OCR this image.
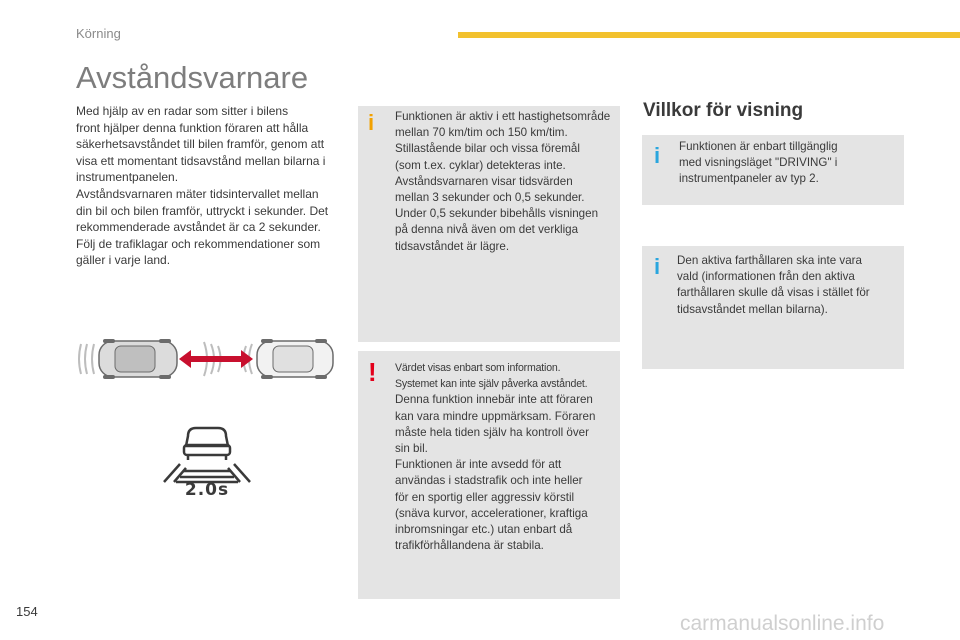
Körning
Avståndsvarnare

Med hjälp av en radar som sitter i bilens
front hjälper denna funktion föraren att hålla
säkerhetsavståndet till bilen framför, genom att
visa ett momentant tidsavstånd mellan bilarna i
instrumentpanelen.
Avståndsvarnaren mäter tidsintervallet mellan
din bil och bilen framför, uttryckt i sekunder. Det
rekommenderade avståndet är ca 2 sekunder.
Följ de trafiklagar och rekommendationer som
gäller i varje land.

2.0s
i Funktionen är aktiv i ett hastighetsområde
mellan 70 km/tim och 150 km/tim.
Stillastående bilar och vissa föremål
(som t.ex. cyklar) detekteras inte.
Avståndsvarnaren visar tidsvärden
mellan 3 sekunder och 0,5 sekunder.
Under 0,5 sekunder bibehålls visningen
på denna nivå även om det verkliga
tidsavståndet är lägre.
! Värdet visas enbart som information.
Systemet kan inte själv påverka avståndet.
Denna funktion innebär inte att föraren
kan vara mindre uppmärksam. Föraren
måste hela tiden själv ha kontroll över
sin bil.
Funktionen är inte avsedd för att
användas i stadstrafik och inte heller
för en sportig eller aggressiv körstil
(snäva kurvor, accelerationer, kraftiga
inbromsningar etc.) utan enbart då
trafikförhållandena är stabila.
Villkor för visning
i Funktionen är enbart tillgänglig
med visningsläget "DRIVING" i
instrumentpaneler av typ 2.
i Den aktiva farthållaren ska inte vara
vald (informationen från den aktiva
farthållaren skulle då visas i stället för
tidsavståndet mellan bilarna).
154
carmanualsonline.info
